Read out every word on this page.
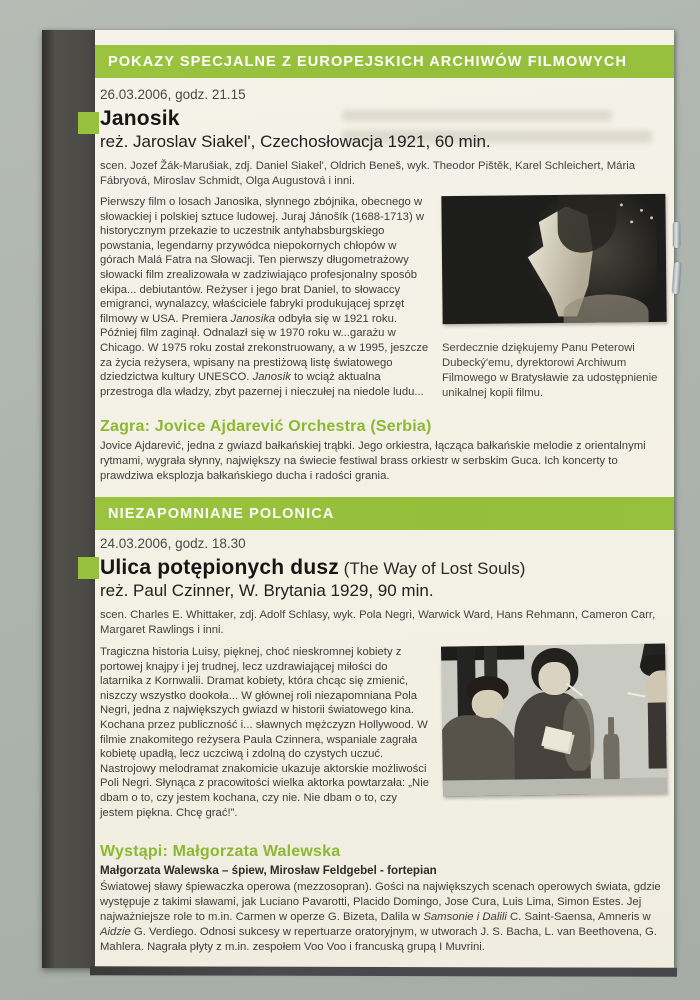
POKAZY SPECJALNE Z EUROPEJSKICH ARCHIWÓW FILMOWYCH
26.03.2006, godz. 21.15
Janosik
reż. Jaroslav Siakel', Czechosłowacja 1921, 60 min.
scen. Jozef Žák-Marušiak, zdj. Daniel Siakel', Oldrich Beneš, wyk. Theodor Pištěk, Karel Schleichert, Mária Fábryová, Miroslav Schmidt, Olga Augustová i inni.

Pierwszy film o losach Janosika, słynnego zbójnika, obecnego w słowackiej i polskiej sztuce ludowej. Juraj Jánošík (1688-1713) w historycznym przekazie to uczestnik antyhabsburgskiego powstania, legendarny przywódca niepokornych chłopów w górach Malá Fatra na Słowacji. Ten pierwszy długometrażowy słowacki film zrealizowała w zadziwiająco profesjonalny sposób ekipa... debiutantów. Reżyser i jego brat Daniel, to słowaccy emigranci, wynalazcy, właściciele fabryki produkującej sprzęt filmowy w USA. Premiera Janosika odbyła się w 1921 roku. Później film zaginął. Odnalazł się w 1970 roku w...garażu w Chicago. W 1975 roku został zrekonstruowany, a w 1995, jeszcze za życia reżysera, wpisany na prestiżową listę światowego dziedzictwa kultury UNESCO. Janosik to wciąż aktualna przestroga dla władzy, zbyt pazernej i nieczułej na niedole ludu...

Serdecznie dziękujemy Panu Peterowi Dubecký'emu, dyrektorowi Archiwum Filmowego w Bratysławie za udostępnienie unikalnej kopii filmu.

Zagra: Jovice Ajdarević Orchestra (Serbia)

Jovice Ajdarević, jedna z gwiazd bałkańskiej trąbki. Jego orkiestra, łącząca bałkańskie melodie z orientalnymi rytmami, wygrała słynny, największy na świecie festiwal brass orkiestr w serbskim Guca. Ich koncerty to prawdziwa eksplozja bałkańskiego ducha i radości grania.

NIEZAPOMNIANE POLONICA
24.03.2006, godz. 18.30
Ulica potępionych dusz (The Way of Lost Souls)
reż. Paul Czinner, W. Brytania 1929, 90 min.
scen. Charles E. Whittaker, zdj. Adolf Schlasy, wyk. Pola Negri, Warwick Ward, Hans Rehmann, Cameron Carr, Margaret Rawlings i inni.

Tragiczna historia Luisy, pięknej, choć nieskromnej kobiety z portowej knajpy i jej trudnej, lecz uzdrawiającej miłości do latarnika z Kornwalii. Dramat kobiety, która chcąc się zmienić, niszczy wszystko dookoła... W głównej roli niezapomniana Pola Negri, jedna z największych gwiazd w historii światowego kina. Kochana przez publiczność i... sławnych mężczyzn Hollywood. W filmie znakomitego reżysera Paula Czinnera, wspaniale zagrała kobietę upadłą, lecz uczciwą i zdolną do czystych uczuć. Nastrojowy melodramat znakomicie ukazuje aktorskie możliwości Poli Negri. Słynąca z pracowitości wielka aktorka powtarzała: „Nie dbam o to, czy jestem kochana, czy nie. Nie dbam o to, czy jestem piękna. Chcę grać!”.

Wystąpi: Małgorzata Walewska

Małgorzata Walewska – śpiew, Mirosław Feldgebel - fortepian

Światowej sławy śpiewaczka operowa (mezzosopran). Gości na największych scenach operowych świata, gdzie występuje z takimi sławami, jak Luciano Pavarotti, Placido Domingo, Jose Cura, Luis Lima, Simon Estes. Jej najważniejsze role to m.in. Carmen w operze G. Bizeta, Dalila w Samsonie i Dalili C. Saint-Saensa, Amneris w Aidzie G. Verdiego. Odnosi sukcesy w repertuarze oratoryjnym, w utworach J. S. Bacha, L. van Beethovena, G. Mahlera. Nagrała płyty z m.in. zespołem Voo Voo i francuską grupą I Muvrini.
